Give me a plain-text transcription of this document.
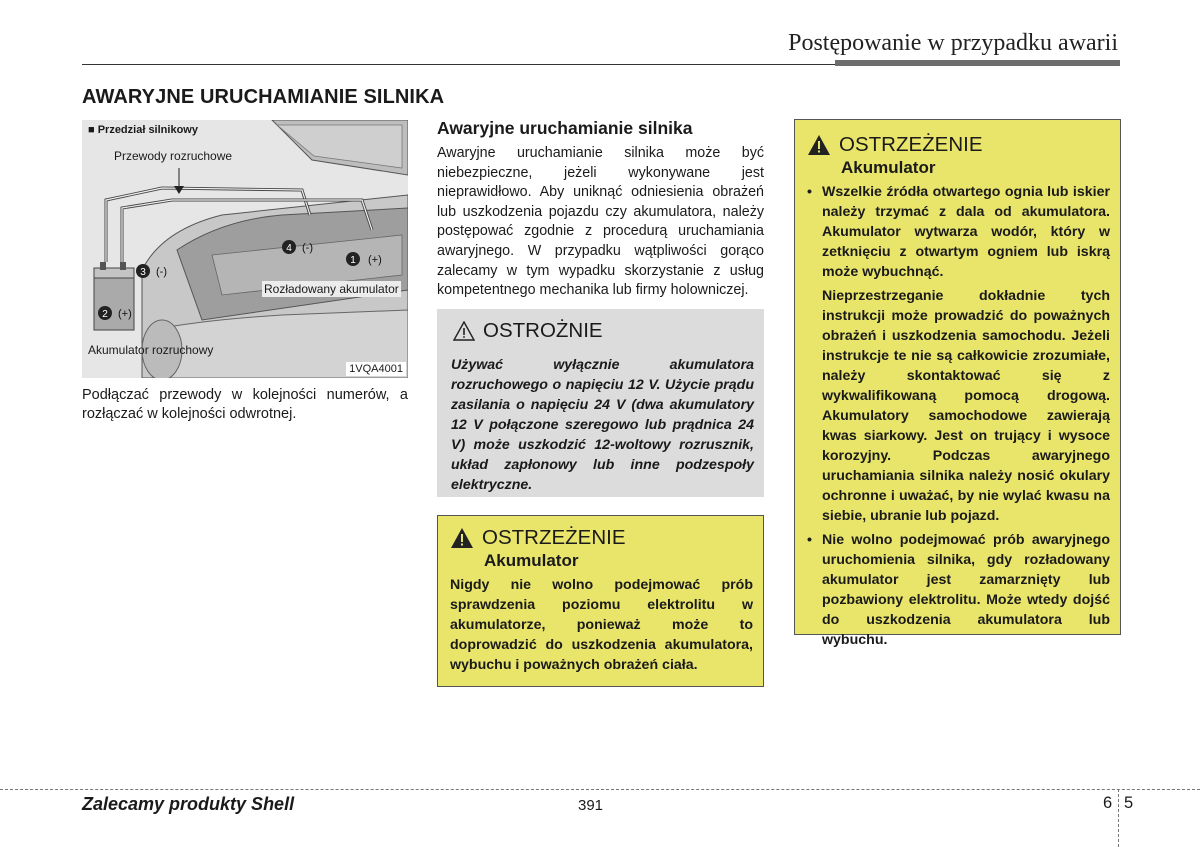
Postępowanie w przypadku awarii
AWARYJNE URUCHAMIANIE SILNIKA
1 (+)
2 (+)
3 (-)
4 (-)
■ Przedział silnikowy
Przewody rozruchowe
Rozładowany akumulator
Akumulator rozruchowy
1VQA4001
Podłączać przewody w kolejności numerów, a rozłączać w kolejności odwrotnej.
Awaryjne uruchamianie silnika
Awaryjne uruchamianie silnika może być niebezpieczne, jeżeli wykonywane jest nieprawidłowo. Aby uniknąć odniesienia obrażeń lub uszkodzenia pojazdu czy akumulatora, należy postępować zgodnie z procedurą uruchamiania awaryjnego. W przypadku wątpliwości gorąco zalecamy w tym wypadku skorzystanie z usług kompetentnego mechanika lub firmy holowniczej.
OSTROŻNIE
Używać wyłącznie akumulatora rozruchowego o napięciu 12 V. Użycie prądu zasilania o napięciu 24 V (dwa akumulatory 12 V połączone szeregowo lub prądnica 24 V) może uszkodzić 12-woltowy rozrusznik, układ zapłonowy lub inne podzespoły elektryczne.
OSTRZEŻENIE
Akumulator
Nigdy nie wolno podejmować prób sprawdzenia poziomu elektrolitu w akumulatorze, ponieważ może to doprowadzić do uszkodzenia akumulatora, wybuchu i poważnych obrażeń ciała.
OSTRZEŻENIE
Akumulator
• Wszelkie źródła otwartego ognia lub iskier należy trzymać z dala od akumulatora. Akumulator wytwarza wodór, który w zetknięciu z otwartym ogniem lub iskrą może wybuchnąć.
Nieprzestrzeganie dokładnie tych instrukcji może prowadzić do poważnych obrażeń i uszkodzenia samochodu. Jeżeli instrukcje te nie są całkowicie zrozumiałe, należy skontaktować się z wykwalifikowaną pomocą drogową. Akumulatory samochodowe zawierają kwas siarkowy. Jest on trujący i wysoce korozyjny. Podczas awaryjnego uruchamiania silnika należy nosić okulary ochronne i uważać, by nie wylać kwasu na siebie, ubranie lub pojazd.
• Nie wolno podejmować prób awaryjnego uruchomienia silnika, gdy rozładowany akumulator jest zamarznięty lub pozbawiony elektrolitu. Może wtedy dojść do uszkodzenia akumulatora lub wybuchu.
Zalecamy produkty Shell	391	6 5
